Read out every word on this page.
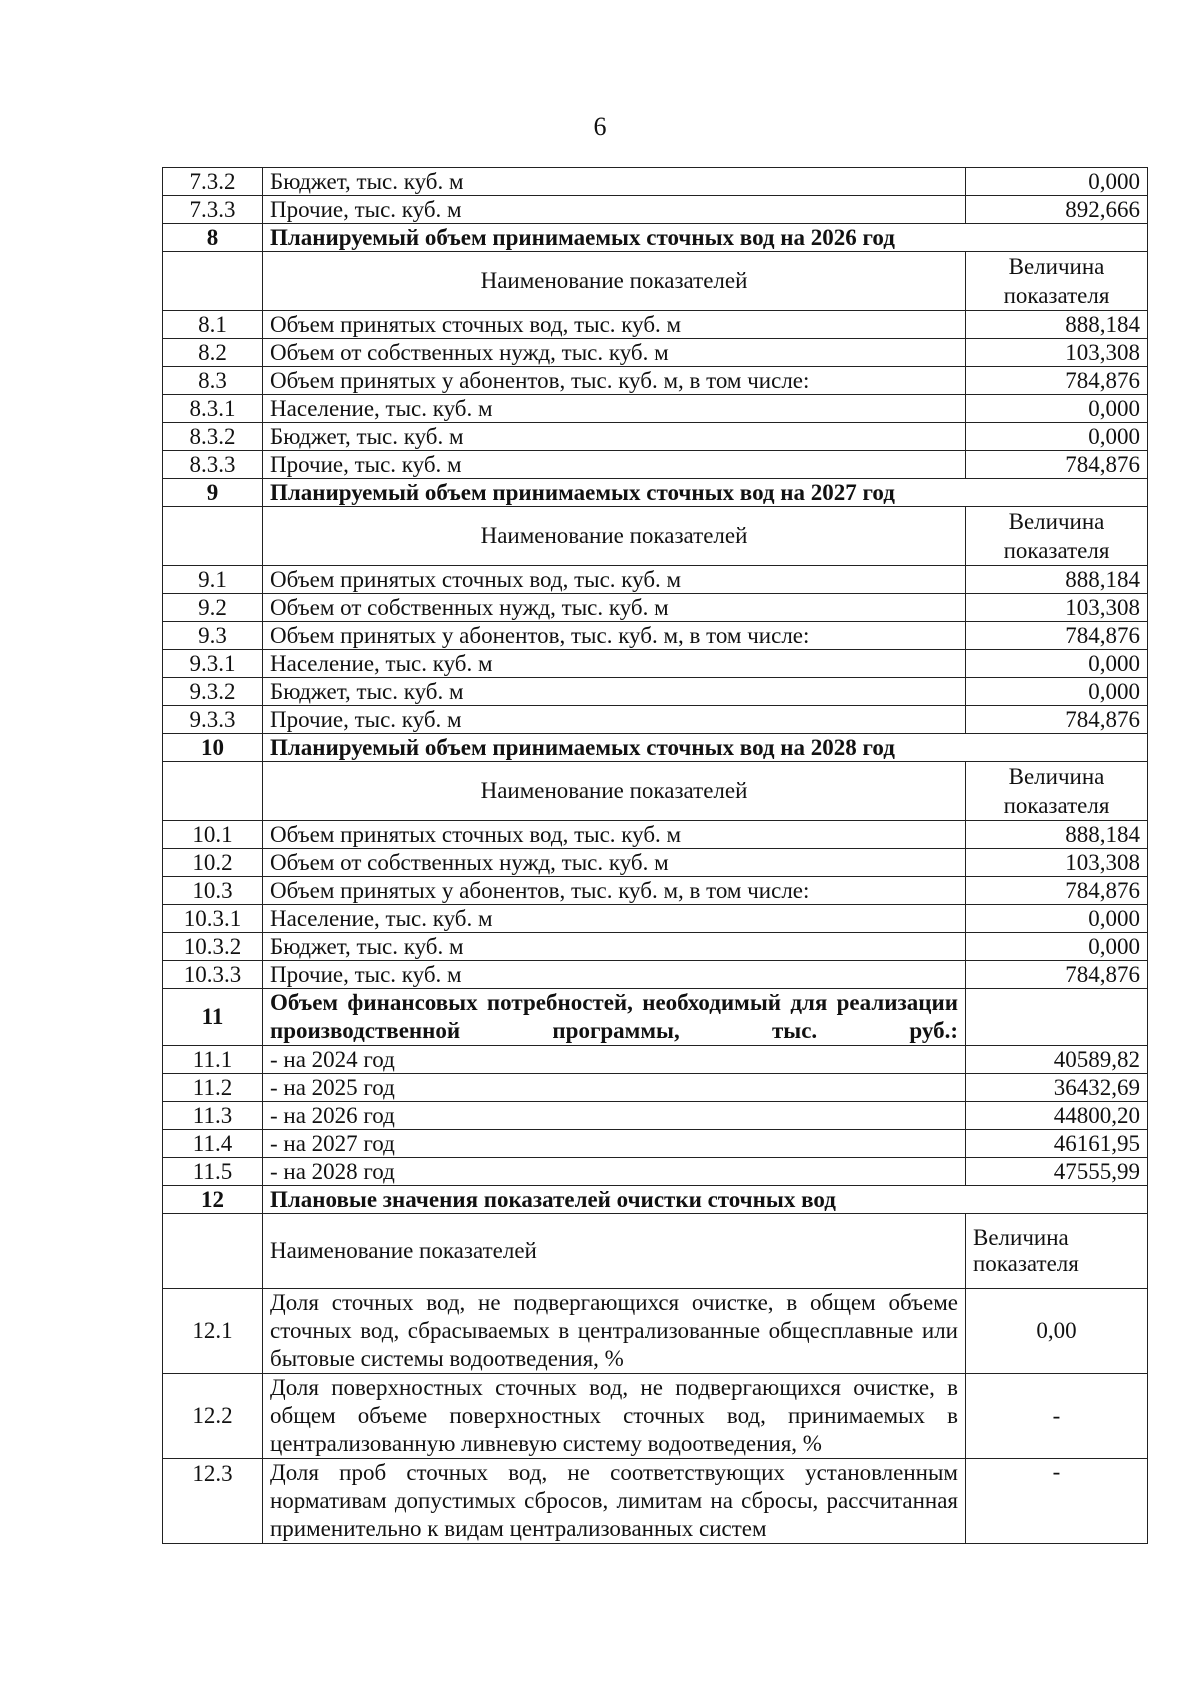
6
7.3.2	Бюджет, тыс. куб. м	0,000
7.3.3	Прочие, тыс. куб. м	892,666
8	Планируемый объем принимаемых сточных вод на 2026 год	
	Наименование показателей	Величина
показателя

8.1	Объем принятых сточных вод, тыс. куб. м	888,184
8.2	Объем от собственных нужд, тыс. куб. м	103,308
8.3	Объем принятых у абонентов, тыс. куб. м, в том числе:	784,876
8.3.1	Население, тыс. куб. м	0,000
8.3.2	Бюджет, тыс. куб. м	0,000
8.3.3	Прочие, тыс. куб. м	784,876
9	Планируемый объем принимаемых сточных вод на 2027 год	
	Наименование показателей	Величина
показателя

9.1	Объем принятых сточных вод, тыс. куб. м	888,184
9.2	Объем от собственных нужд, тыс. куб. м	103,308
9.3	Объем принятых у абонентов, тыс. куб. м, в том числе:	784,876
9.3.1	Население, тыс. куб. м	0,000
9.3.2	Бюджет, тыс. куб. м	0,000
9.3.3	Прочие, тыс. куб. м	784,876
10	Планируемый объем принимаемых сточных вод на 2028 год	
	Наименование показателей	Величина
показателя

10.1	Объем принятых сточных вод, тыс. куб. м	888,184
10.2	Объем от собственных нужд, тыс. куб. м	103,308
10.3	Объем принятых у абонентов, тыс. куб. м, в том числе:	784,876
10.3.1	Население, тыс. куб. м	0,000
10.3.2	Бюджет, тыс. куб. м	0,000
10.3.3	Прочие, тыс. куб. м	784,876
11	Объем финансовых потребностей, необходимый для реализации производственной программы, тыс. руб.:	

11.1	- на 2024 год	40589,82
11.2	- на 2025 год	36432,69
11.3	- на 2026 год	44800,20
11.4	- на 2027 год	46161,95
11.5	- на 2028 год	47555,99
12	Плановые значения показателей очистки сточных вод	
	Наименование показателей	Величина
показателя

12.1	Доля сточных вод, не подвергающихся очистке, в общем объеме сточных вод, сбрасываемых в централизованные общесплавные или бытовые системы водоотведения, %	0,00
12.2	Доля поверхностных сточных вод, не подвергающихся очистке, в общем объеме поверхностных сточных вод, принимаемых в централизованную ливневую систему водоотведения, %	-
12.3	Доля проб сточных вод, не соответствующих установленным нормативам допустимых сбросов, лимитам на сбросы, рассчитанная применительно к видам централизованных систем	-
